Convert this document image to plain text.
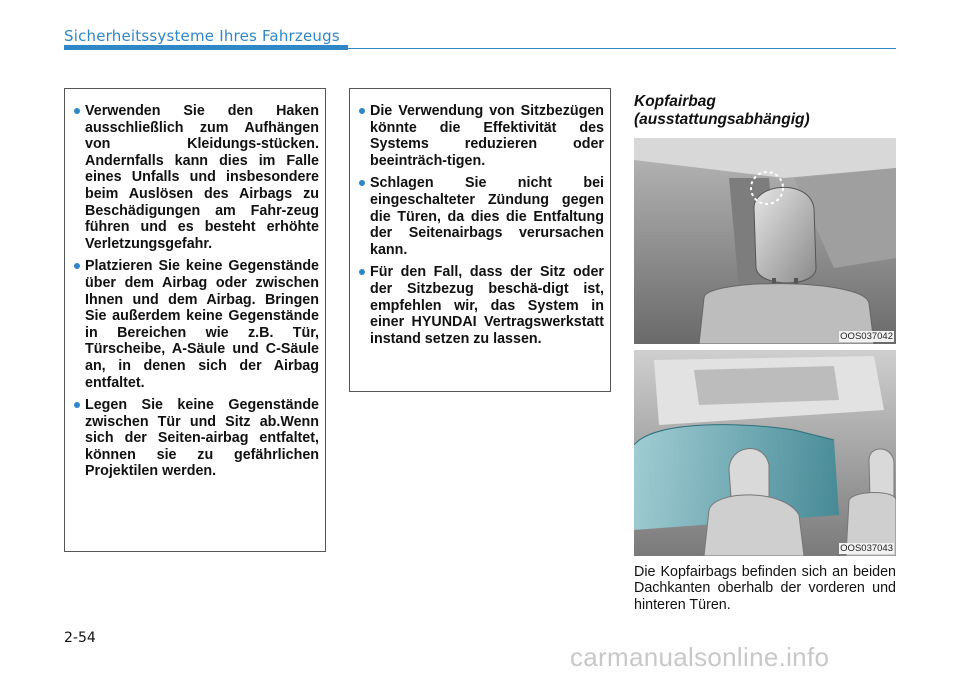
Sicherheitssysteme Ihres Fahrzeugs
Verwenden Sie den Haken ausschließlich zum Aufhängen von Kleidungs-stücken. Andernfalls kann dies im Falle eines Unfalls und insbesondere beim Auslösen des Airbags zu Beschädigungen am Fahr-zeug führen und es besteht erhöhte Verletzungsgefahr.
Platzieren Sie keine Gegenstände über dem Airbag oder zwischen Ihnen und dem Airbag. Bringen Sie außerdem keine Gegenstände in Bereichen wie z.B. Tür, Türscheibe, A-Säule und C-Säule an, in denen sich der Airbag entfaltet.
Legen Sie keine Gegenstände zwischen Tür und Sitz ab.Wenn sich der Seiten-airbag entfaltet, können sie zu gefährlichen Projektilen werden.
Die Verwendung von Sitzbezügen könnte die Effektivität des Systems reduzieren oder beeinträch-tigen.
Schlagen Sie nicht bei eingeschalteter Zündung gegen die Türen, da dies die Entfaltung der Seitenairbags verursachen kann.
Für den Fall, dass der Sitz oder der Sitzbezug beschä-digt ist, empfehlen wir, das System in einer HYUNDAI Vertragswerkstatt instand setzen zu lassen.
Kopfairbag
(ausstattungsabhängig)
OOS037042
OOS037043
Die Kopfairbags befinden sich an beiden Dachkanten oberhalb der vorderen und hinteren Türen.
2-54
carmanualsonline.info
